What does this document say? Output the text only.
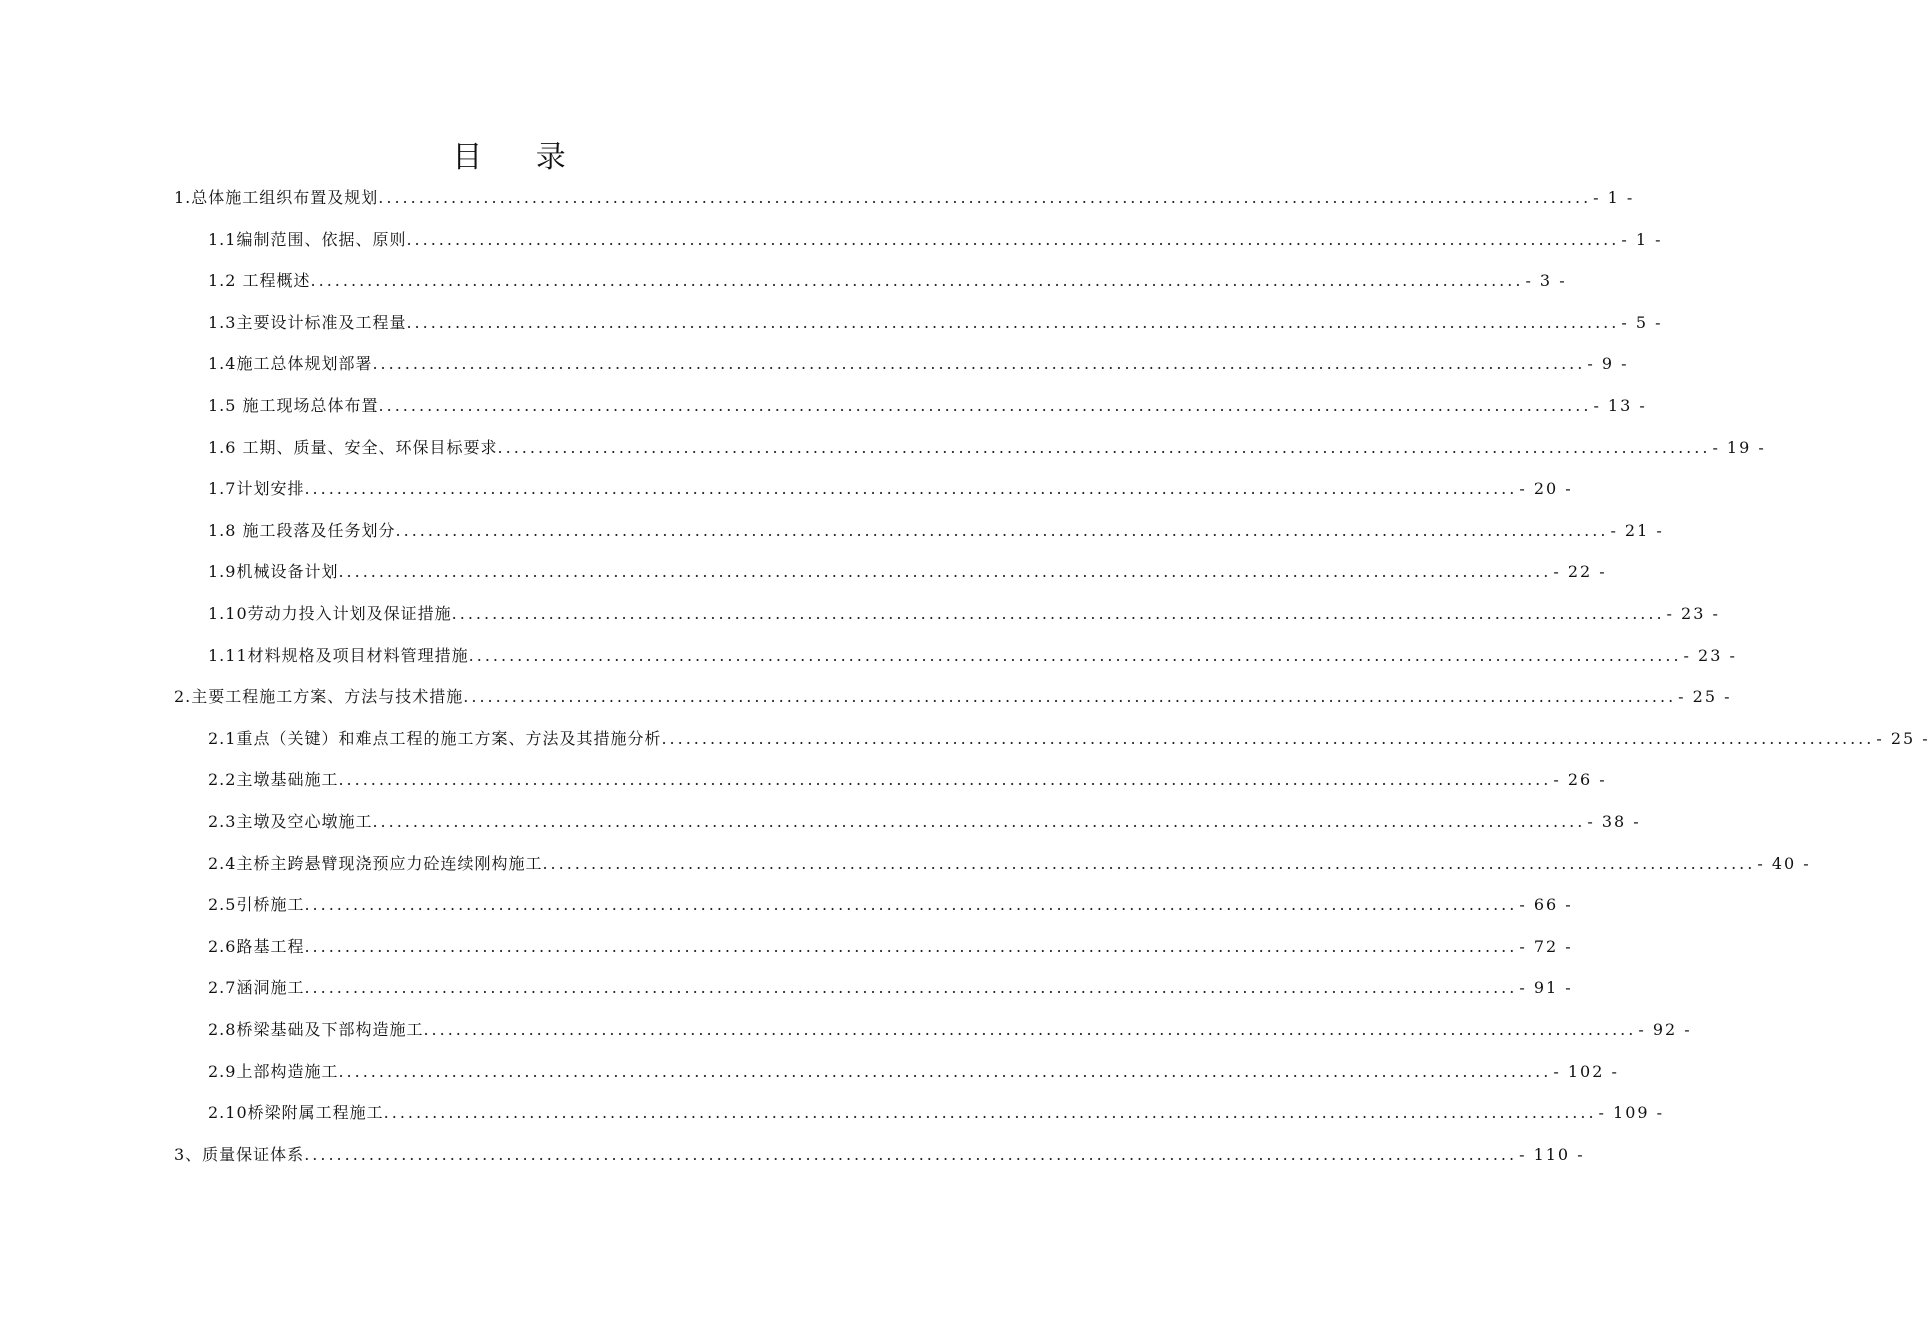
目 录
1.总体施工组织布置及规划 ...................................................................................................................................................... - 1 -
1.1编制范围、依据、原则 ...................................................................................................................................................... - 1 -
1.2 工程概述 ...................................................................................................................................................... - 3 -
1.3主要设计标准及工程量 ...................................................................................................................................................... - 5 -
1.4施工总体规划部署 ...................................................................................................................................................... - 9 -
1.5 施工现场总体布置 ...................................................................................................................................................... - 13 -
1.6 工期、质量、安全、环保目标要求 ...................................................................................................................................................... - 19 -
1.7计划安排 ...................................................................................................................................................... - 20 -
1.8 施工段落及任务划分 ...................................................................................................................................................... - 21 -
1.9机械设备计划 ...................................................................................................................................................... - 22 -
1.10劳动力投入计划及保证措施 ...................................................................................................................................................... - 23 -
1.11材料规格及项目材料管理措施 ...................................................................................................................................................... - 23 -
2.主要工程施工方案、方法与技术措施 ...................................................................................................................................................... - 25 -
2.1重点（关键）和难点工程的施工方案、方法及其措施分析 ...................................................................................................................................................... - 25 -
2.2主墩基础施工 ...................................................................................................................................................... - 26 -
2.3主墩及空心墩施工 ...................................................................................................................................................... - 38 -
2.4主桥主跨悬臂现浇预应力砼连续刚构施工 ...................................................................................................................................................... - 40 -
2.5引桥施工 ...................................................................................................................................................... - 66 -
2.6路基工程 ...................................................................................................................................................... - 72 -
2.7涵洞施工 ...................................................................................................................................................... - 91 -
2.8桥梁基础及下部构造施工 ...................................................................................................................................................... - 92 -
2.9上部构造施工 ...................................................................................................................................................... - 102 -
2.10桥梁附属工程施工 ...................................................................................................................................................... - 109 -
3、质量保证体系 ...................................................................................................................................................... - 110 -
